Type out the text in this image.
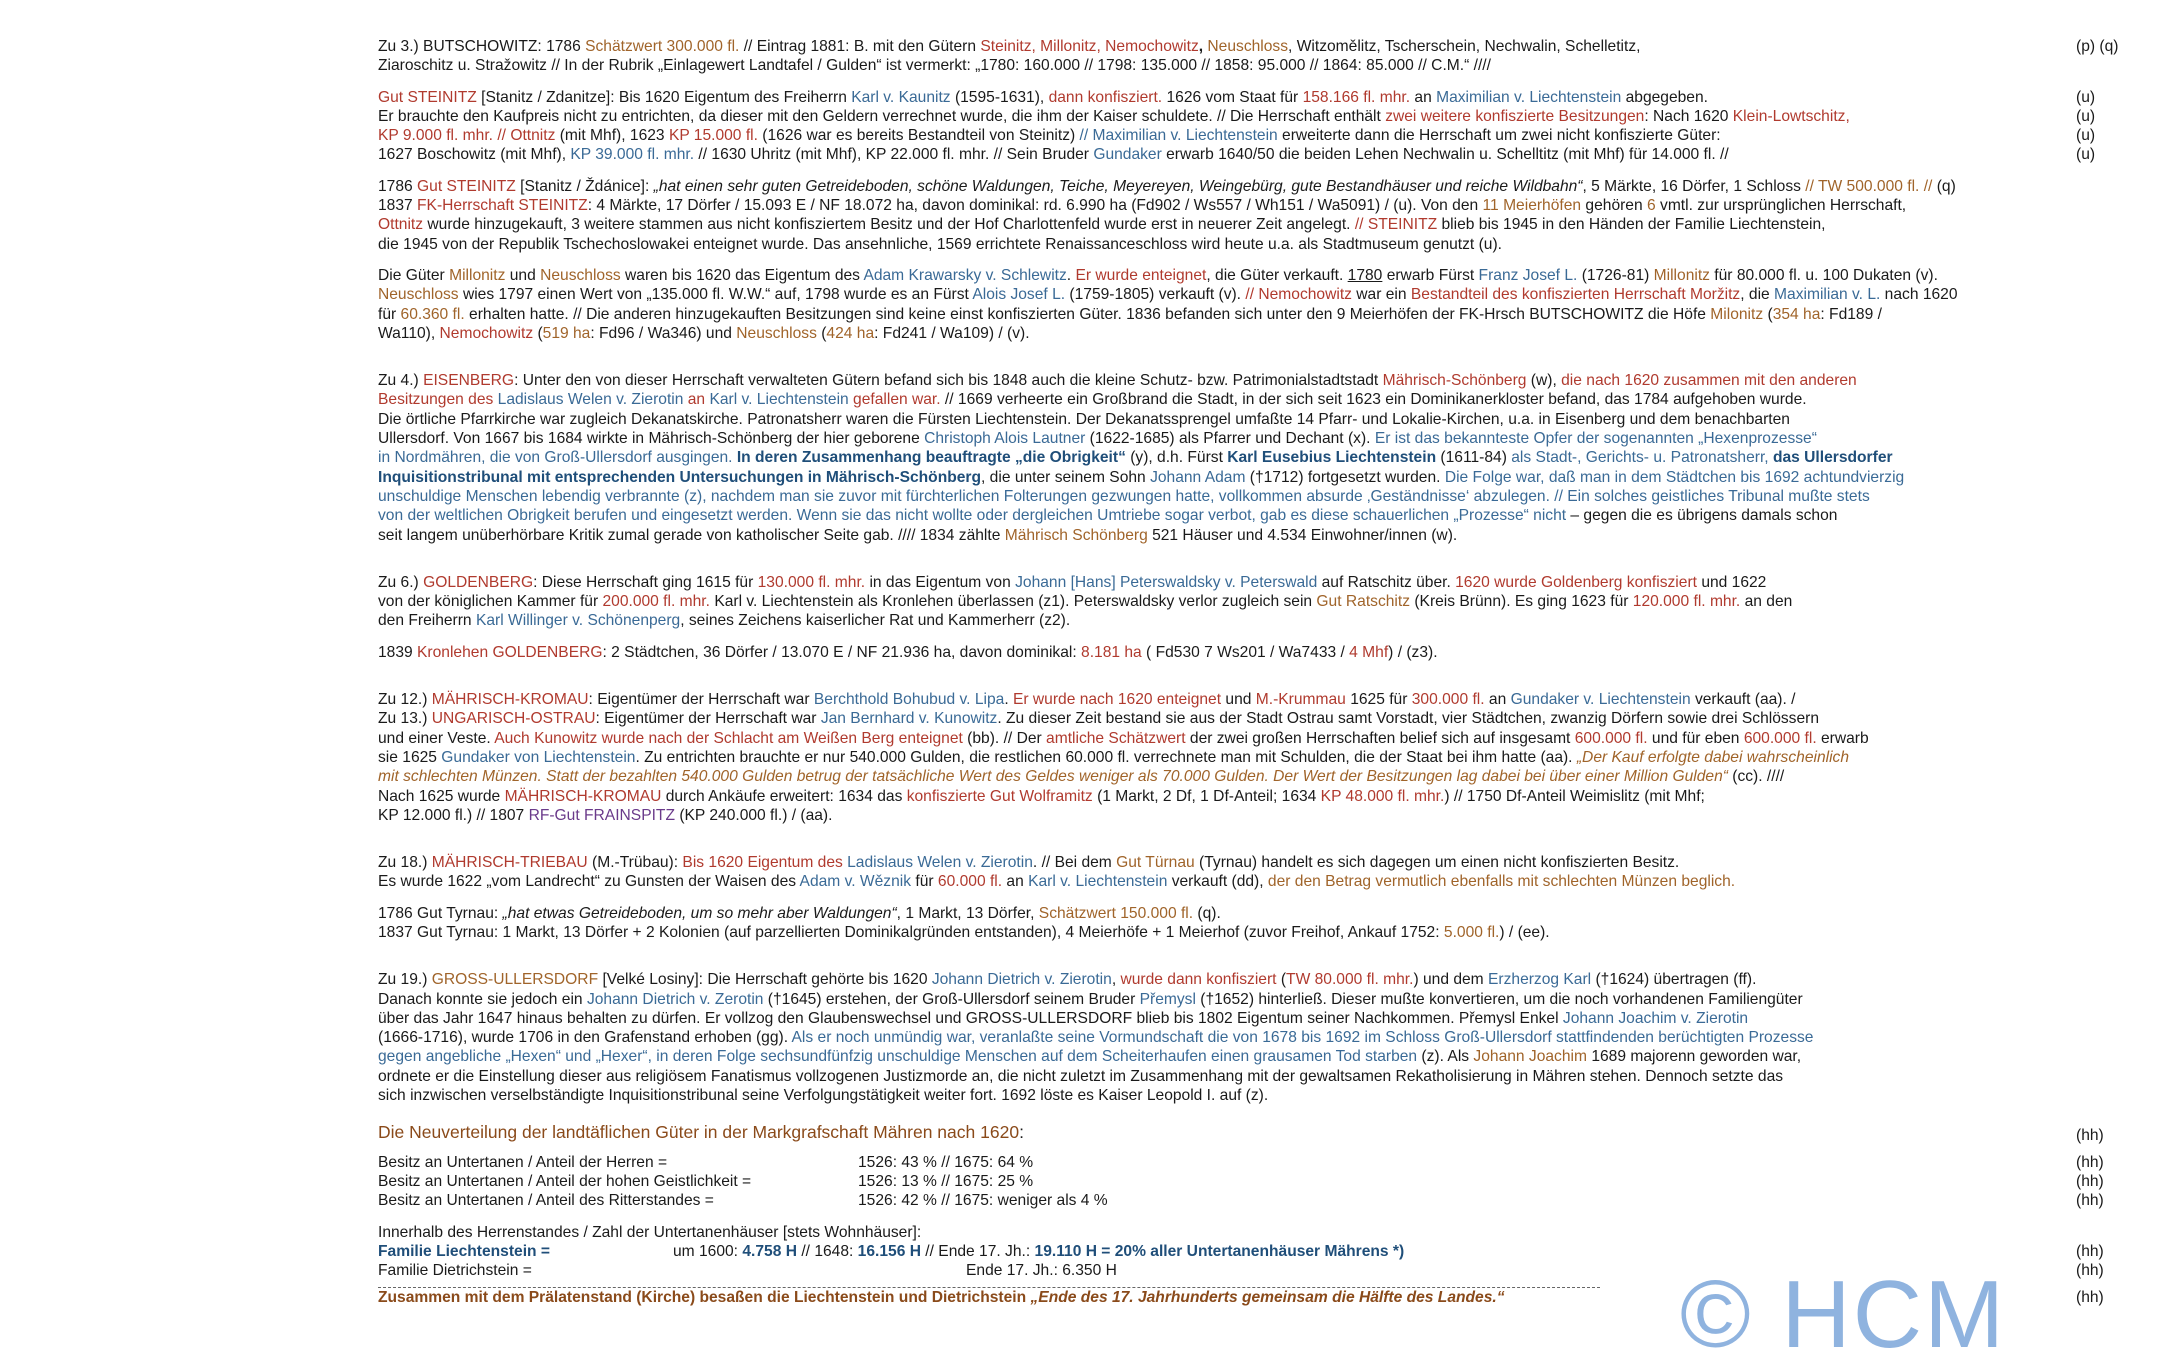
(p) (q)
Zu 3.) BUTSCHOWITZ: 1786 Schätzwert 300.000 fl. // Eintrag 1881: B. mit den Gütern Steinitz, Millonitz, Nemochowitz, Neuschloss, Witzomělitz, Tscherschein, Nechwalin, Schelletitz,
Ziaroschitz u. Stražowitz // In der Rubrik „Einlagewert Landtafel / Gulden“ ist vermerkt: „1780: 160.000 // 1798: 135.000 // 1858: 95.000 // 1864: 85.000 // C.M.“ ////
(u)
(u)
(u)
(u)
Gut STEINITZ [Stanitz / Zdanitze]: Bis 1620 Eigentum des Freiherrn Karl v. Kaunitz (1595-1631), dann konfisziert. 1626 vom Staat für 158.166 fl. mhr. an Maximilian v. Liechtenstein abgegeben.
Er brauchte den Kaufpreis nicht zu entrichten, da dieser mit den Geldern verrechnet wurde, die ihm der Kaiser schuldete. // Die Herrschaft enthält zwei weitere konfiszierte Besitzungen: Nach 1620 Klein-Lowtschitz,
KP 9.000 fl. mhr. // Ottnitz (mit Mhf), 1623 KP 15.000 fl. (1626 war es bereits Bestandteil von Steinitz) // Maximilian v. Liechtenstein erweiterte dann die Herrschaft um zwei nicht konfiszierte Güter:
1627 Boschowitz (mit Mhf), KP 39.000 fl. mhr. // 1630 Uhritz (mit Mhf), KP 22.000 fl. mhr. // Sein Bruder Gundaker erwarb 1640/50 die beiden Lehen Nechwalin u. Schelltitz (mit Mhf) für 14.000 fl. //
1786 Gut STEINITZ [Stanitz / Ždánice]: „hat einen sehr guten Getreideboden, schöne Waldungen, Teiche, Meyereyen, Weingebürg, gute Bestandhäuser und reiche Wildbahn“, 5 Märkte, 16 Dörfer, 1 Schloss // TW 500.000 fl. // (q)
1837 FK-Herrschaft STEINITZ: 4 Märkte, 17 Dörfer / 15.093 E / NF 18.072 ha, davon dominikal: rd. 6.990 ha (Fd902 / Ws557 / Wh151 / Wa5091) / (u). Von den 11 Meierhöfen gehören 6 vmtl. zur ursprünglichen Herrschaft,
Ottnitz wurde hinzugekauft, 3 weitere stammen aus nicht konfisziertem Besitz und der Hof Charlottenfeld wurde erst in neuerer Zeit angelegt. // STEINITZ blieb bis 1945 in den Händen der Familie Liechtenstein,
die 1945 von der Republik Tschechoslowakei enteignet wurde. Das ansehnliche, 1569 errichtete Renaissanceschloss wird heute u.a. als Stadtmuseum genutzt (u).
Die Güter Millonitz und Neuschloss waren bis 1620 das Eigentum des Adam Krawarsky v. Schlewitz. Er wurde enteignet, die Güter verkauft. 1780 erwarb Fürst Franz Josef L. (1726-81) Millonitz für 80.000 fl. u. 100 Dukaten (v).
Neuschloss wies 1797 einen Wert von „135.000 fl. W.W.“ auf, 1798 wurde es an Fürst Alois Josef L. (1759-1805) verkauft (v). // Nemochowitz war ein Bestandteil des konfiszierten Herrschaft Moržitz, die Maximilian v. L. nach 1620
für 60.360 fl. erhalten hatte. // Die anderen hinzugekauften Besitzungen sind keine einst konfiszierten Güter. 1836 befanden sich unter den 9 Meierhöfen der FK-Hrsch BUTSCHOWITZ die Höfe Milonitz (354 ha: Fd189 /
Wa110), Nemochowitz (519 ha: Fd96 / Wa346) und Neuschloss (424 ha: Fd241 / Wa109) / (v).
Zu 4.) EISENBERG: Unter den von dieser Herrschaft verwalteten Gütern befand sich bis 1848 auch die kleine Schutz- bzw. Patrimonialstadtstadt Mährisch-Schönberg (w), die nach 1620 zusammen mit den anderen
Besitzungen des Ladislaus Welen v. Zierotin an Karl v. Liechtenstein gefallen war. // 1669 verheerte ein Großbrand die Stadt, in der sich seit 1623 ein Dominikanerkloster befand, das 1784 aufgehoben wurde.
Die örtliche Pfarrkirche war zugleich Dekanatskirche. Patronatsherr waren die Fürsten Liechtenstein. Der Dekanatssprengel umfaßte 14 Pfarr- und Lokalie-Kirchen, u.a. in Eisenberg und dem benachbarten
Ullersdorf. Von 1667 bis 1684 wirkte in Mährisch-Schönberg der hier geborene Christoph Alois Lautner (1622-1685) als Pfarrer und Dechant (x). Er ist das bekannteste Opfer der sogenannten „Hexenprozesse“
in Nordmähren, die von Groß-Ullersdorf ausgingen. In deren Zusammenhang beauftragte „die Obrigkeit“ (y), d.h. Fürst Karl Eusebius Liechtenstein (1611-84) als Stadt-, Gerichts- u. Patronatsherr, das Ullersdorfer
Inquisitionstribunal mit entsprechenden Untersuchungen in Mährisch-Schönberg, die unter seinem Sohn Johann Adam (†1712) fortgesetzt wurden. Die Folge war, daß man in dem Städtchen bis 1692 achtundvierzig
unschuldige Menschen lebendig verbrannte (z), nachdem man sie zuvor mit fürchterlichen Folterungen gezwungen hatte, vollkommen absurde ‚Geständnisse‘ abzulegen. // Ein solches geistliches Tribunal mußte stets
von der weltlichen Obrigkeit berufen und eingesetzt werden. Wenn sie das nicht wollte oder dergleichen Umtriebe sogar verbot, gab es diese schauerlichen „Prozesse“ nicht – gegen die es übrigens damals schon
seit langem unüberhörbare Kritik zumal gerade von katholischer Seite gab. //// 1834 zählte Mährisch Schönberg 521 Häuser und 4.534 Einwohner/innen (w).
Zu 6.) GOLDENBERG: Diese Herrschaft ging 1615 für 130.000 fl. mhr. in das Eigentum von Johann [Hans] Peterswaldsky v. Peterswald auf Ratschitz über. 1620 wurde Goldenberg konfisziert und 1622
von der königlichen Kammer für 200.000 fl. mhr. Karl v. Liechtenstein als Kronlehen überlassen (z1). Peterswaldsky verlor zugleich sein Gut Ratschitz (Kreis Brünn). Es ging 1623 für 120.000 fl. mhr. an den
den Freiherrn Karl Willinger v. Schönenperg, seines Zeichens kaiserlicher Rat und Kammerherr (z2).
1839 Kronlehen GOLDENBERG: 2 Städtchen, 36 Dörfer / 13.070 E / NF 21.936 ha, davon dominikal: 8.181 ha ( Fd530 7 Ws201 / Wa7433 / 4 Mhf) / (z3).
Zu 12.) MÄHRISCH-KROMAU: Eigentümer der Herrschaft war Berchthold Bohubud v. Lipa. Er wurde nach 1620 enteignet und M.-Krummau 1625 für 300.000 fl. an Gundaker v. Liechtenstein verkauft (aa). /
Zu 13.) UNGARISCH-OSTRAU: Eigentümer der Herrschaft war Jan Bernhard v. Kunowitz. Zu dieser Zeit bestand sie aus der Stadt Ostrau samt Vorstadt, vier Städtchen, zwanzig Dörfern sowie drei Schlössern
und einer Veste. Auch Kunowitz wurde nach der Schlacht am Weißen Berg enteignet (bb). // Der amtliche Schätzwert der zwei großen Herrschaften belief sich auf insgesamt 600.000 fl. und für eben 600.000 fl. erwarb
sie 1625 Gundaker von Liechtenstein. Zu entrichten brauchte er nur 540.000 Gulden, die restlichen 60.000 fl. verrechnete man mit Schulden, die der Staat bei ihm hatte (aa). „Der Kauf erfolgte dabei wahrscheinlich
mit schlechten Münzen. Statt der bezahlten 540.000 Gulden betrug der tatsächliche Wert des Geldes weniger als 70.000 Gulden. Der Wert der Besitzungen lag dabei bei über einer Million Gulden“ (cc). ////
Nach 1625 wurde MÄHRISCH-KROMAU durch Ankäufe erweitert: 1634 das konfiszierte Gut Wolframitz (1 Markt, 2 Df, 1 Df-Anteil; 1634 KP 48.000 fl. mhr.) // 1750 Df-Anteil Weimislitz (mit Mhf;
KP 12.000 fl.) // 1807 RF-Gut FRAINSPITZ (KP 240.000 fl.) / (aa).
Zu 18.) MÄHRISCH-TRIEBAU (M.-Trübau): Bis 1620 Eigentum des Ladislaus Welen v. Zierotin. // Bei dem Gut Türnau (Tyrnau) handelt es sich dagegen um einen nicht konfiszierten Besitz.
Es wurde 1622 „vom Landrecht“ zu Gunsten der Waisen des Adam v. Wěznik für 60.000 fl. an Karl v. Liechtenstein verkauft (dd), der den Betrag vermutlich ebenfalls mit schlechten Münzen beglich.
1786 Gut Tyrnau: „hat etwas Getreideboden, um so mehr aber Waldungen“, 1 Markt, 13 Dörfer, Schätzwert 150.000 fl. (q).
1837 Gut Tyrnau: 1 Markt, 13 Dörfer + 2 Kolonien (auf parzellierten Dominikalgründen entstanden), 4 Meierhöfe + 1 Meierhof (zuvor Freihof, Ankauf 1752: 5.000 fl.) / (ee).
Zu 19.) GROSS-ULLERSDORF [Velké Losiny]: Die Herrschaft gehörte bis 1620 Johann Dietrich v. Zierotin, wurde dann konfisziert (TW 80.000 fl. mhr.) und dem Erzherzog Karl (†1624) übertragen (ff).
Danach konnte sie jedoch ein Johann Dietrich v. Zerotin (†1645) erstehen, der Groß-Ullersdorf seinem Bruder Přemysl (†1652) hinterließ. Dieser mußte konvertieren, um die noch vorhandenen Familiengüter
über das Jahr 1647 hinaus behalten zu dürfen. Er vollzog den Glaubenswechsel und GROSS-ULLERSDORF blieb bis 1802 Eigentum seiner Nachkommen. Přemysl Enkel Johann Joachim v. Zierotin
(1666-1716), wurde 1706 in den Grafenstand erhoben (gg). Als er noch unmündig war, veranlaßte seine Vormundschaft die von 1678 bis 1692 im Schloss Groß-Ullersdorf stattfindenden berüchtigten Prozesse
gegen angebliche „Hexen“ und „Hexer“, in deren Folge sechsundfünfzig unschuldige Menschen auf dem Scheiterhaufen einen grausamen Tod starben (z). Als Johann Joachim 1689 majorenn geworden war,
ordnete er die Einstellung dieser aus religiösem Fanatismus vollzogenen Justizmorde an, die nicht zuletzt im Zusammenhang mit der gewaltsamen Rekatholisierung in Mähren stehen. Dennoch setzte das
sich inzwischen verselbständigte Inquisitionstribunal seine Verfolgungstätigkeit weiter fort. 1692 löste es Kaiser Leopold I. auf (z).
Die Neuverteilung der landtäflichen Güter in der Markgrafschaft Mähren nach 1620:	(hh)
Besitz an Untertanen / Anteil der Herren =	1526: 43 % // 1675: 64 %	(hh)
Besitz an Untertanen / Anteil der hohen Geistlichkeit =	1526: 13 % // 1675: 25 %	(hh)
Besitz an Untertanen / Anteil des Ritterstandes =	1526: 42 % // 1675: weniger als 4 %	(hh)
Innerhalb des Herrenstandes / Zahl der Untertanenhäuser [stets Wohnhäuser]:
Familie Liechtenstein =	um 1600: 4.758 H // 1648: 16.156 H // Ende 17. Jh.: 19.110 H = 20% aller Untertanenhäuser Mährens *)	(hh)
Familie Dietrichstein =	Ende 17. Jh.: 6.350 H	(hh)
Zusammen mit dem Prälatenstand (Kirche) besaßen die Liechtenstein und Dietrichstein „Ende des 17. Jahrhunderts gemeinsam die Hälfte des Landes.“	(hh)
© HCM
